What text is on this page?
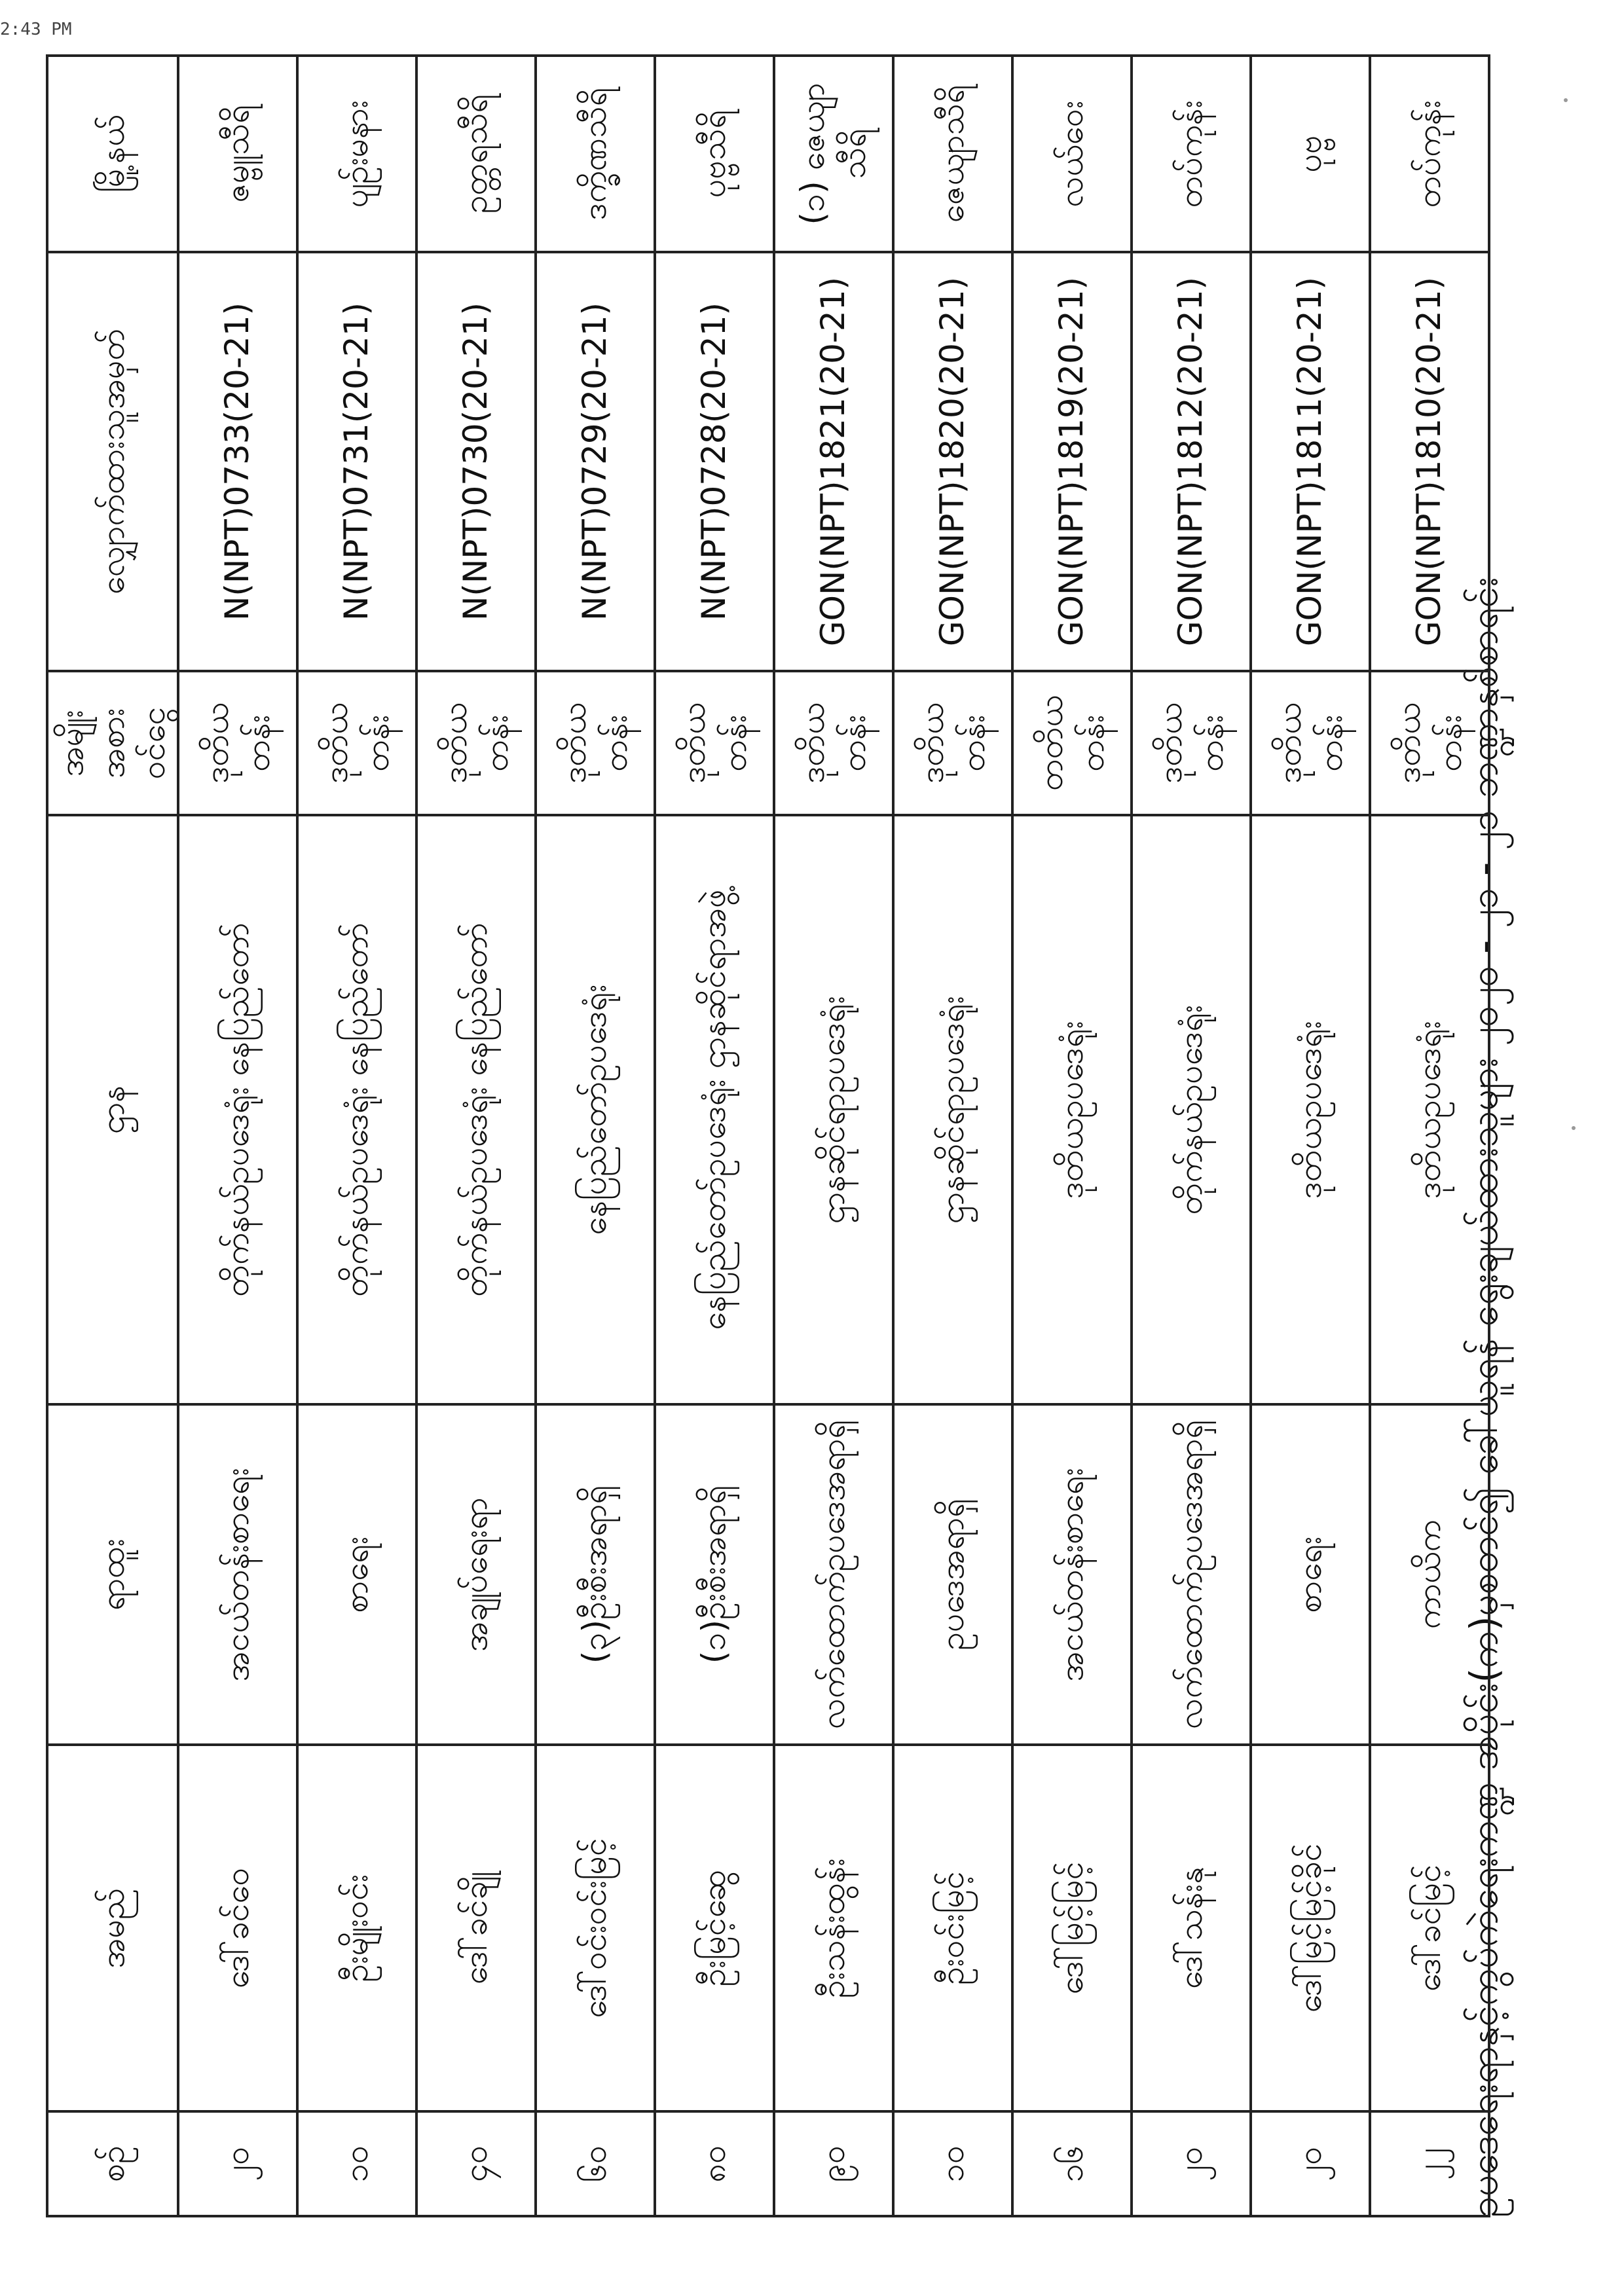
2:43 PM
ဥပဒေရေးရာနှင့်ကွပ်ကဲရေးကဏ္ဍ အပိုင်း(က)မှစတင်၍ ခေါ်ယူရန် ရွေးချယ်ထားသူများ ၂၀၂၀ - ၂၁ - ၂၁ ဘဏ္ဍာနှစ်စာရင်း
စဉ်	အမည်	ရာထူး	ဌာန	အမျိုးအစား ဝင်ငွေ	လျှောက်ထားသူအမှတ်	မြို့နယ်
၂၀	ဒေါ်ခင်ဝေ	အငယ်တန်းစာရေး	တိုက်နယ်ဥပဒေရုံး နေပြည်တော်	ဒုတိယတန်း	N(NPT)0733(20-21)	ဇမ္ဗူသီရိ
၁၀	ဦးမျိုးဝင်း	စာရေး	တိုက်နယ်ဥပဒေရုံး နေပြည်တော်	ဒုတိယတန်း	N(NPT)0731(20-21)	ပျဉ်းမနား
၄၀	ဒေါ်ခင်ချို	အချုပ်ရေးရာ	တိုက်နယ်ဥပဒေရုံး နေပြည်တော်	ဒုတိယတန်း	N(NPT)0730(20-21)	ဥတ္တရသီရိ
၆၀	ဒေါ်ဝင်းဝင်းမြင့်	(၃)ဦးစီးအရာရှိ	နေပြည်တော်ဥပဒေရုံး	ဒုတိယတန်း	N(NPT)0729(20-21)	ဒက္ခိဏသီရိ
၈၀	ဦးမြင့်ဆွေ	(၁)ဦးစီးအရာရှိ	နေပြည်တော်ဥပဒေရုံး ဌာနဆိုင်ရာအဖွဲ့	ဒုတိယတန်း	N(NPT)0728(20-21)	ပုဗ္ဗသီရိ
၉၀	ဦးသန်းထွန်း	လက်ထောက်ဥပဒေအရာရှိ	ဌာနဆိုင်ရာဥပဒေရုံး	ဒုတိယတန်း	GON(NPT)1821(20-21)	(၁) ဇေယျာသီရိ
၁၀	ဦးဝင်းမြင့်	ဥပဒေအရာရှိ	ဌာနဆိုင်ရာဥပဒေရုံး	ဒုတိယတန်း	GON(NPT)1820(20-21)	ဇေယျာသီရိ
၁၆	ဒေါ်မြင့်မြင့်	အငယ်တန်းစာရေး	ဒုတိယဥပဒေရုံး	တတိယတန်း	GON(NPT)1819(20-21)	လယ်ဝေး
၂၀	ဒေါ်သန်းနု	လက်ထောက်ဥပဒေအရာရှိ	တိုက်နယ်ဥပဒေရုံး	ဒုတိယတန်း	GON(NPT)1812(20-21)	တပ်ကုန်း
၂၀	ဒေါ်မြင့်မြင့်ခိုင်	စာရေး	ဒုတိယဥပဒေရုံး	ဒုတိယတန်း	GON(NPT)1811(20-21)	ပုဗ္ဗ
၂၂	ဒေါ်ခင်မြင့်	ကာယိက	ဒုတိယဥပဒေရုံး	ဒုတိယတန်း	GON(NPT)1810(20-21)	တပ်ကုန်း
